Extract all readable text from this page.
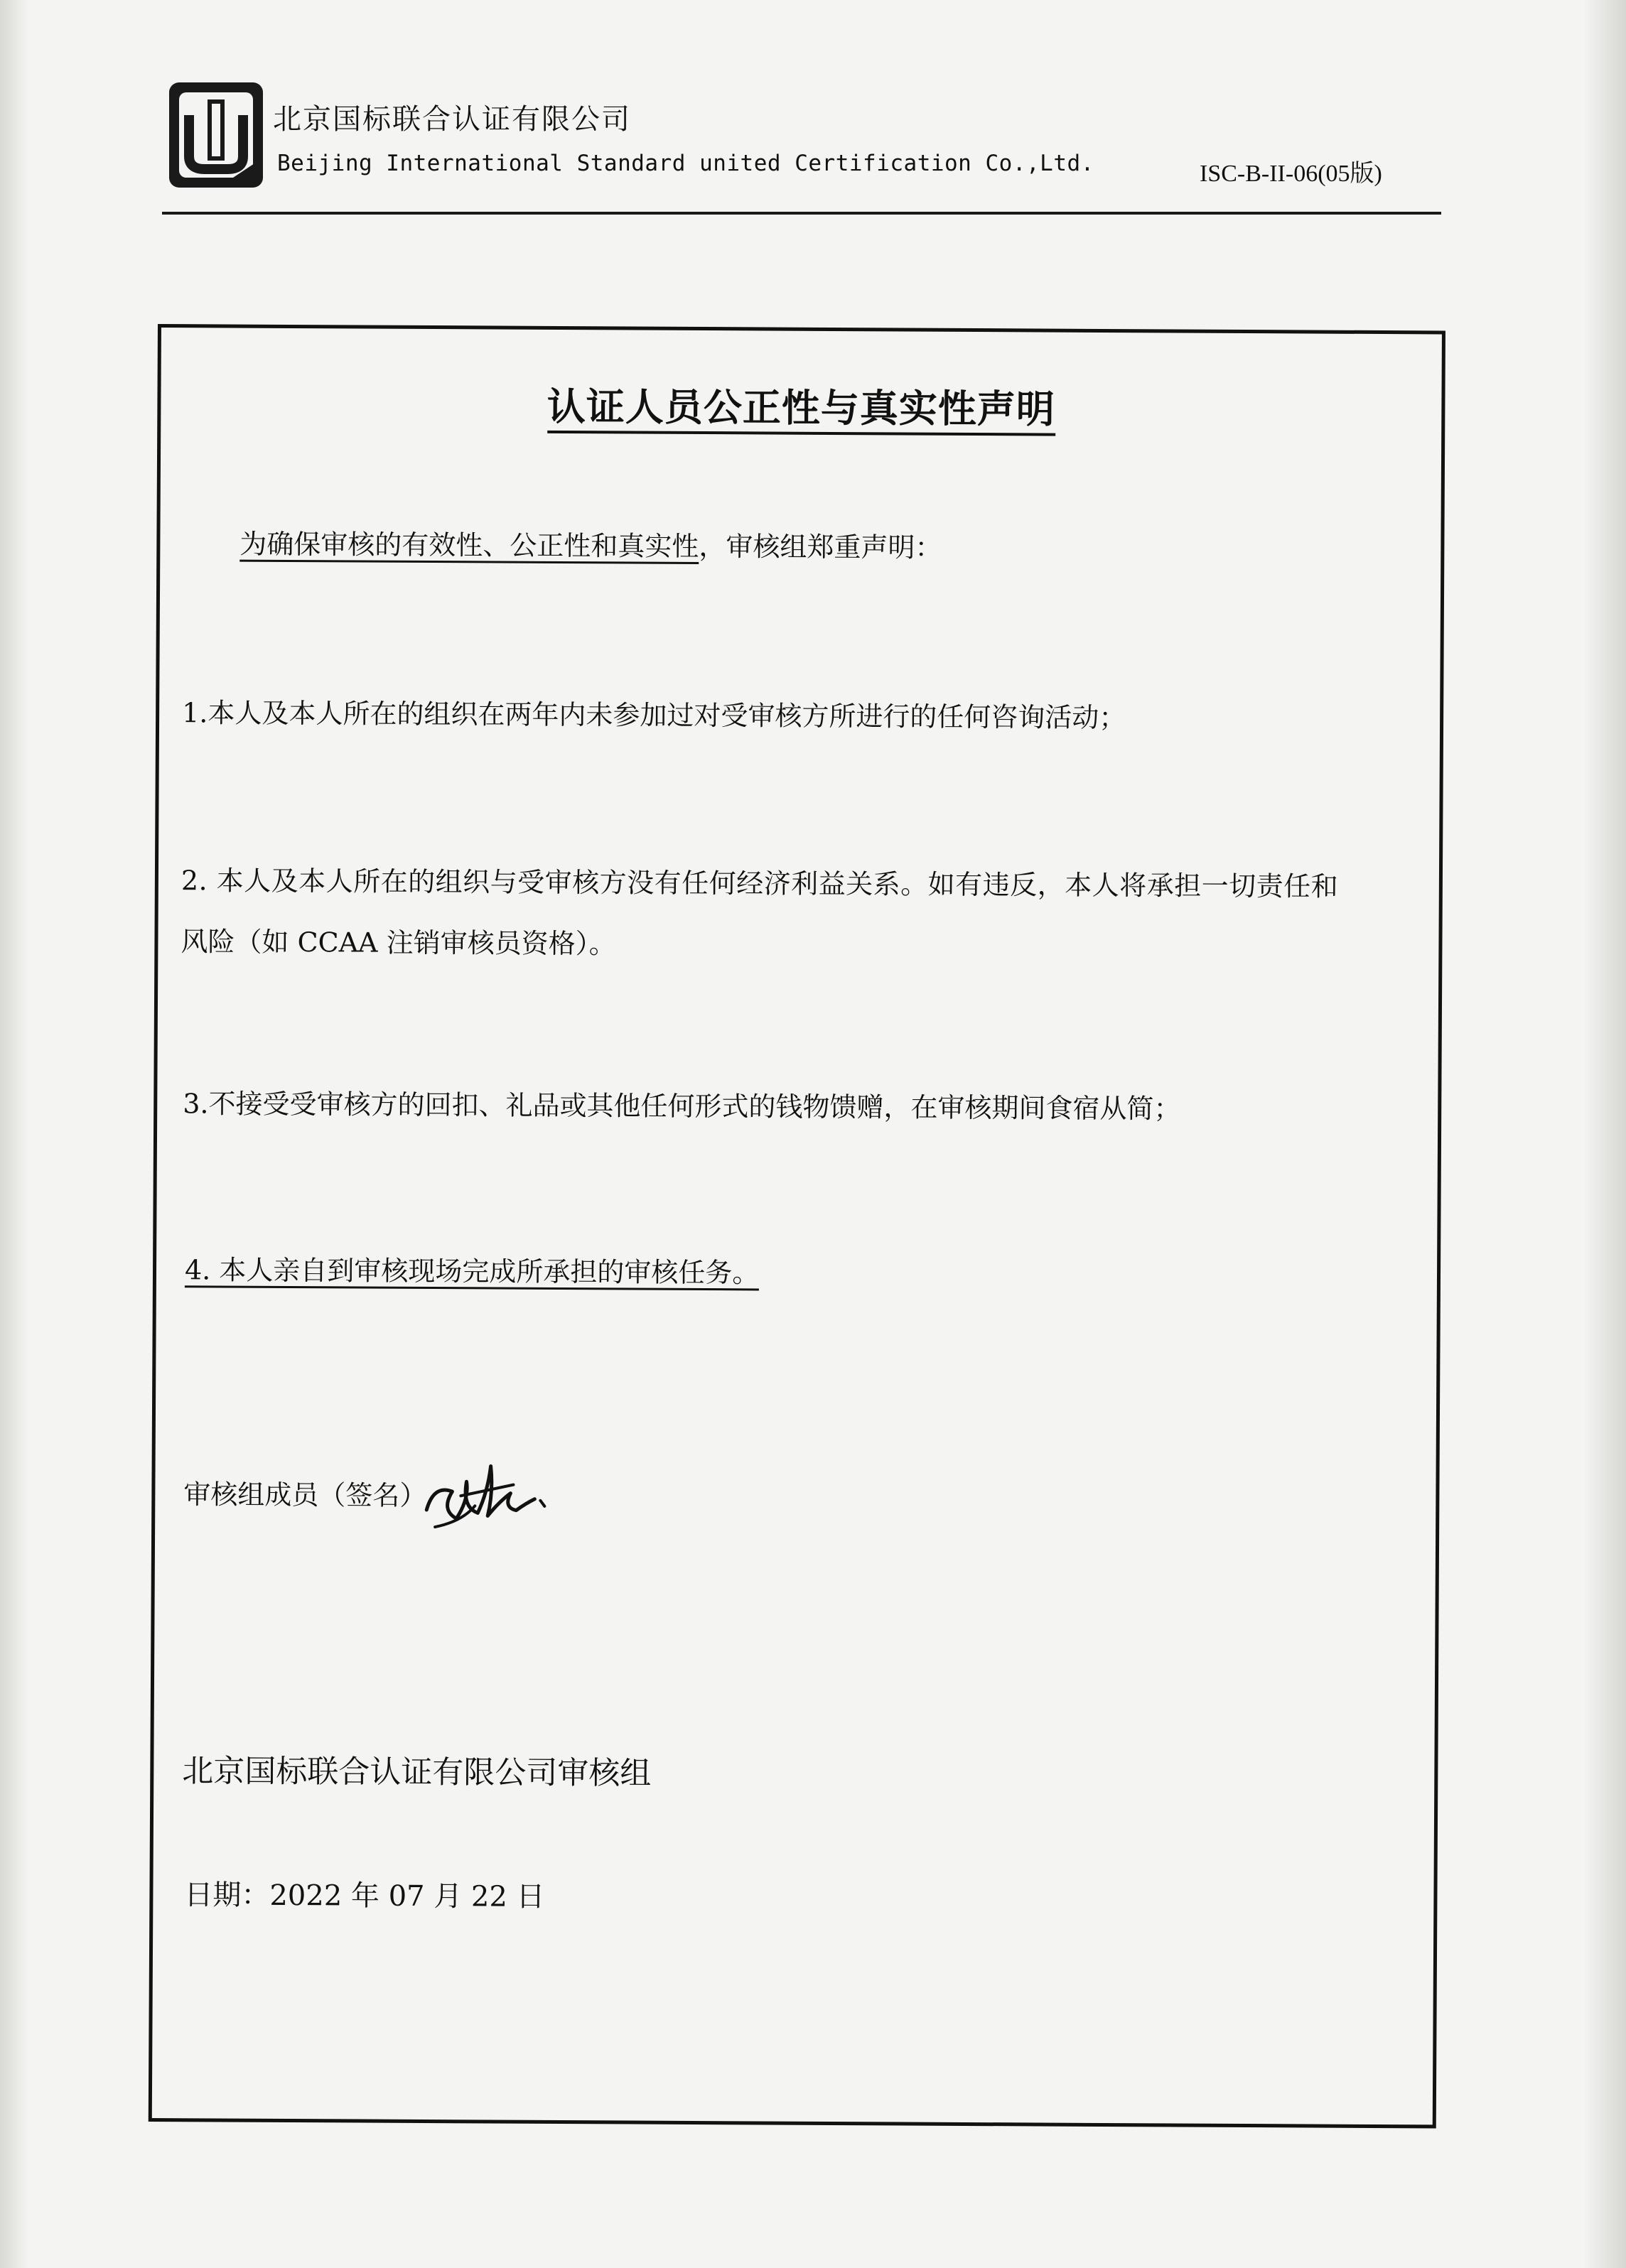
北京国标联合认证有限公司
Beijing International Standard united Certification Co.,Ltd.	ISC-B-II-06(05版)
认证人员公正性与真实性声明
为确保审核的有效性、公正性和真实性，审核组郑重声明：
1.本人及本人所在的组织在两年内未参加过对受审核方所进行的任何咨询活动；
2. 本人及本人所在的组织与受审核方没有任何经济利益关系。如有违反，本人将承担一切责任和
风险（如 CCAA 注销审核员资格）。
3.不接受受审核方的回扣、礼品或其他任何形式的钱物馈赠，在审核期间食宿从简；
4. 本人亲自到审核现场完成所承担的审核任务。
审核组成员（签名）
北京国标联合认证有限公司审核组
日期：2022 年 07 月 22 日
